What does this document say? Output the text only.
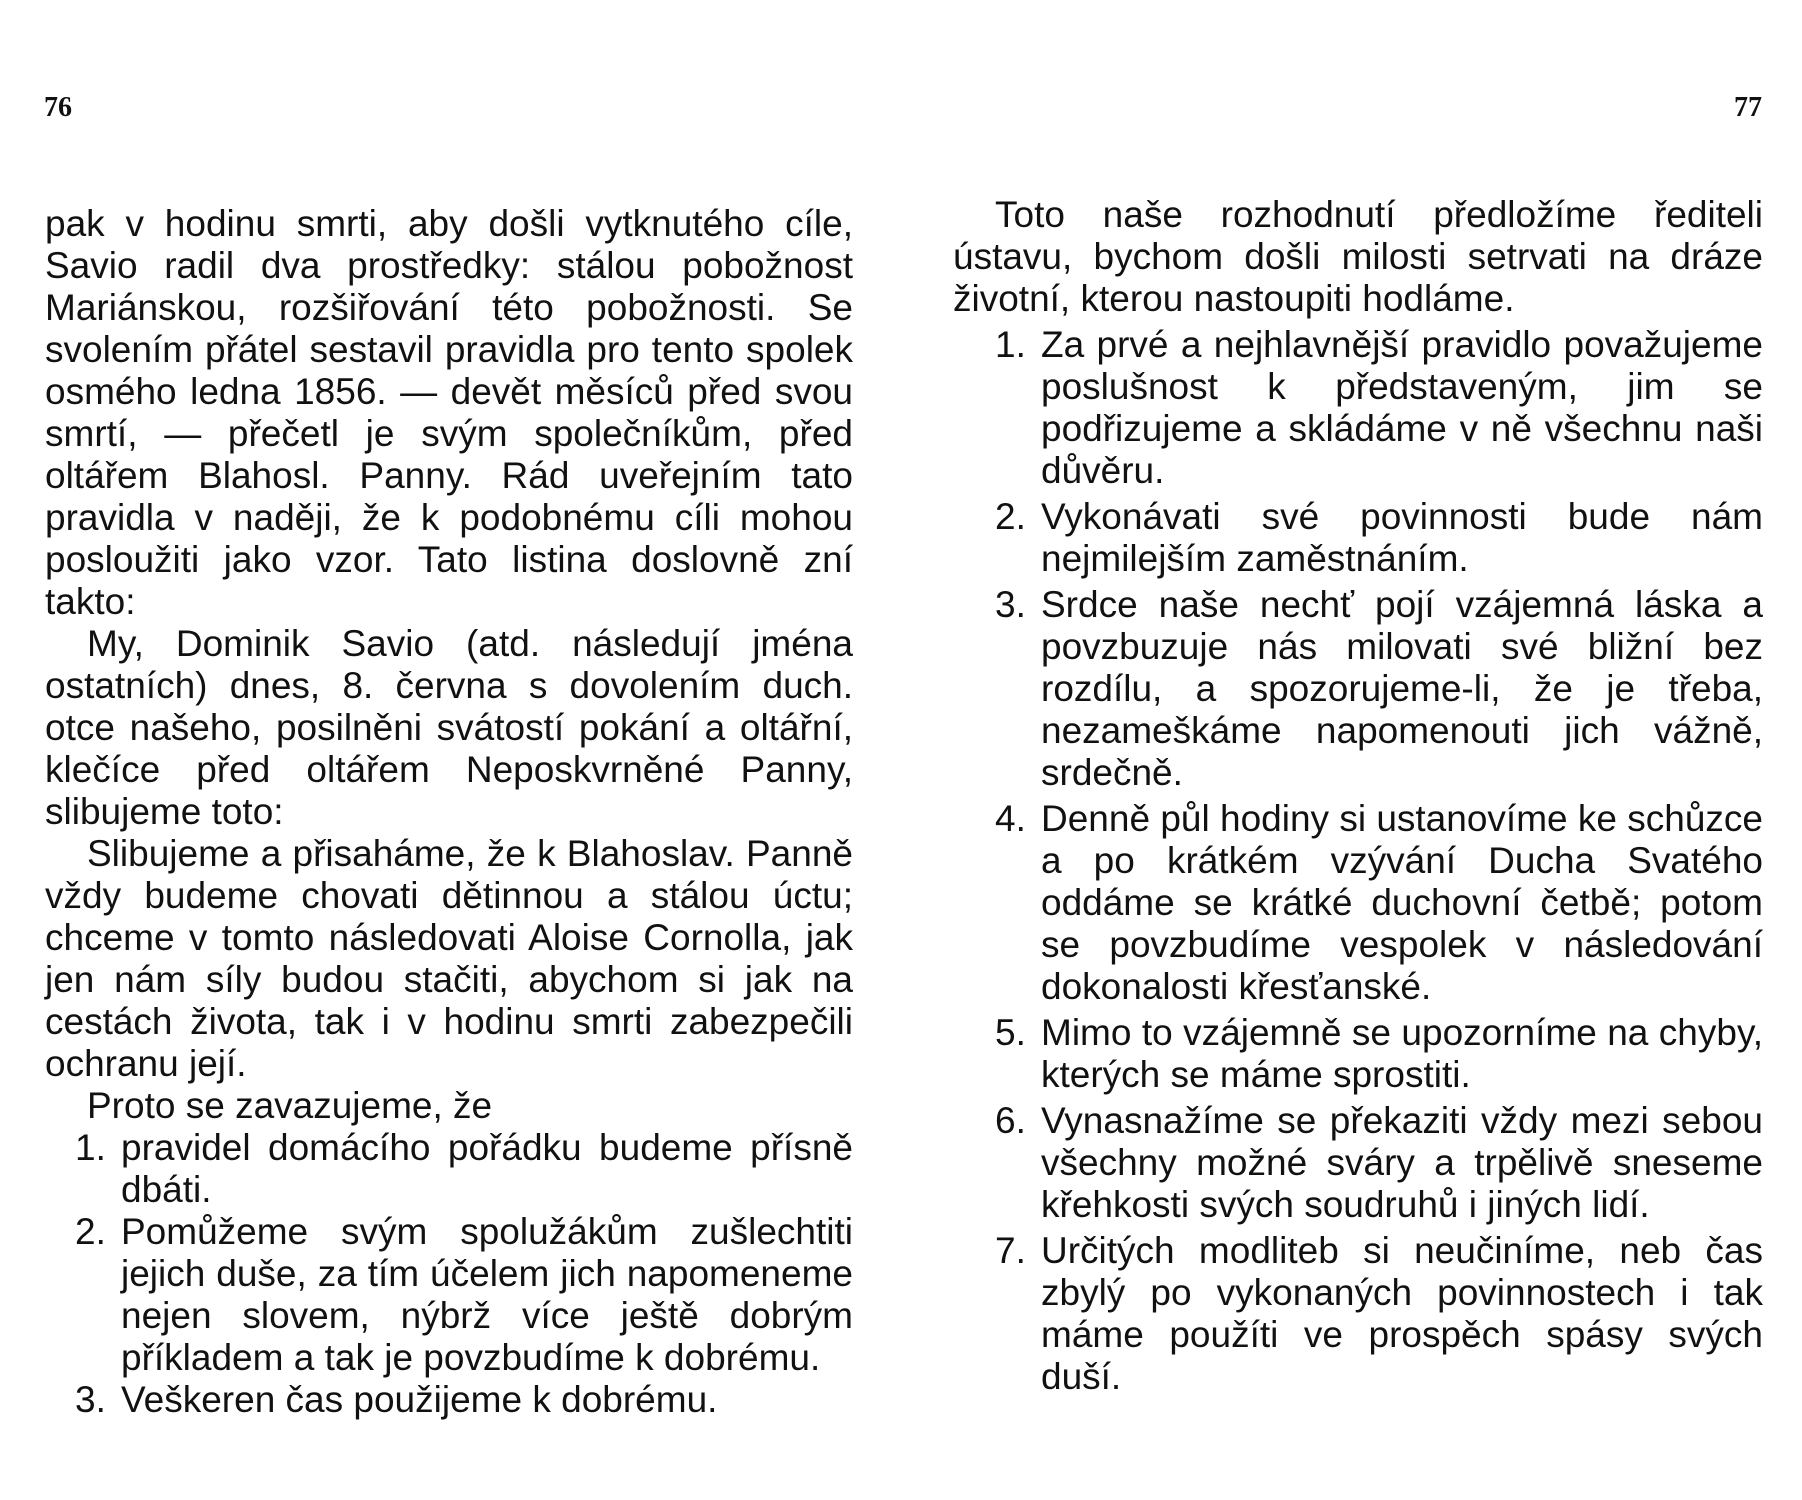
76

pak v hodinu smrti, aby došli vytknutého cíle, Savio radil dva prostředky: stálou pobožnost Mariánskou, rozšiřování této pobožnosti. Se svolením přátel sestavil pravidla pro tento spolek osmého ledna 1856. — devět měsíců před svou smrtí, — přečetl je svým společníkům, před oltářem Blahosl. Panny. Rád uveřejním tato pravidla v naději, že k podobnému cíli mohou posloužiti jako vzor. Tato listina doslovně zní takto:

My, Dominik Savio (atd. následují jména ostatních) dnes, 8. června s dovolením duch. otce našeho, posilněni svátostí pokání a oltářní, klečíce před oltářem Neposkvrněné Panny, slibujeme toto:

Slibujeme a přisaháme, že k Blahoslav. Panně vždy budeme chovati dětinnou a stálou úctu; chceme v tomto následovati Aloise Cornolla, jak jen nám síly budou stačiti, abychom si jak na cestách života, tak i v hodinu smrti zabezpečili ochranu její.

Proto se zavazujeme, že

1. pravidel domácího pořádku budeme přísně dbáti.
2. Pomůžeme svým spolužákům zušlechtiti jejich duše, za tím účelem jich napomeneme nejen slovem, nýbrž více ještě dobrým příkladem a tak je povzbudíme k dobrému.
3. Veškeren čas použijeme k dobrému.
77

Toto naše rozhodnutí předložíme řediteli ústavu, bychom došli milosti setrvati na dráze životní, kterou nastoupiti hodláme.

1. Za prvé a nejhlavnější pravidlo považujeme poslušnost k představeným, jim se podřizujeme a skládáme v ně všechnu naši důvěru.
2. Vykonávati své povinnosti bude nám nejmilejším zaměstnáním.
3. Srdce naše nechť pojí vzájemná láska a povzbuzuje nás milovati své bližní bez rozdílu, a spozorujeme-li, že je třeba, nezameškáme napomenouti jich vážně, srdečně.
4. Denně půl hodiny si ustanovíme ke schůzce a po krátkém vzývání Ducha Svatého oddáme se krátké duchovní četbě; potom se povzbudíme vespolek v následování dokonalosti křesťanské.
5. Mimo to vzájemně se upozorníme na chyby, kterých se máme sprostiti.
6. Vynasnažíme se překaziti vždy mezi sebou všechny možné sváry a trpělivě sneseme křehkosti svých soudruhů i jiných lidí.
7. Určitých modliteb si neučiníme, neb čas zbylý po vykonaných povinnostech i tak máme použíti ve prospěch spásy svých duší.
